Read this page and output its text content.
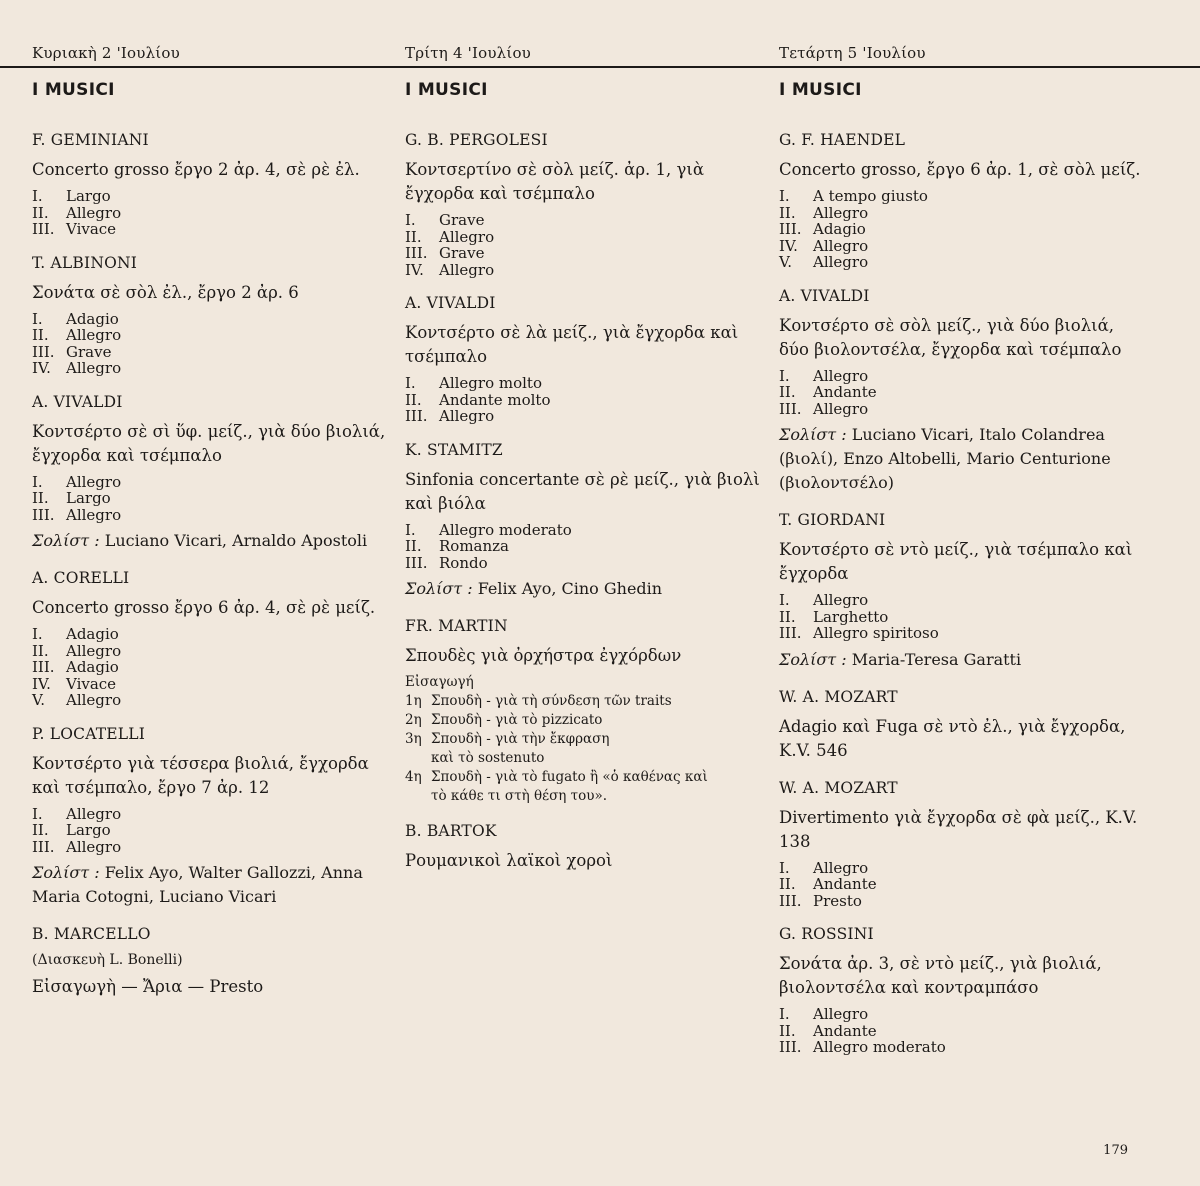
Κυριακὴ 2 'Ιουλίου	Τρίτη 4 'Ιουλίου	Τετάρτη 5 'Ιουλίου
I MUSICI
F. GEMINIANI
Concerto grosso ἔργο 2 ἀρ. 4, σὲ ρὲ ἐλ.
I.	Largo
II.	Allegro
III. Vivace
T. ALBINONI
Σονάτα σὲ σὸλ ἐλ., ἔργο 2 ἀρ. 6
I.	Adagio
II.	Allegro
III. Grave
IV.	Allegro
A. VIVALDI
Κοντσέρτο σὲ σὶ ὕφ. μείζ., γιὰ δύο βιολιά, ἔγχορδα καὶ τσέμπαλο
I.	Allegro
II.	Largo
III. Allegro
Σολίστ : Luciano Vicari, Arnaldo Apostoli
A. CORELLI
Concerto grosso ἔργο 6 ἀρ. 4, σὲ ρὲ μείζ.
I.	Adagio
II.	Allegro
III. Adagio
IV.	Vivace
V.	Allegro
P. LOCATELLI
Κοντσέρτο γιὰ τέσσερα βιολιά, ἔγχορδα καὶ τσέμπαλο, ἔργο 7 ἀρ. 12
I.	Allegro
II.	Largo
III. Allegro
Σολίστ : Felix Ayo, Walter Gallozzi, Anna Maria Cotogni, Luciano Vicari
B. MARCELLO
(Διασκευὴ L. Bonelli)
Εἰσαγωγὴ — Ἄρια — Presto
I MUSICI
G. B. PERGOLESI
Κοντσερτίνο σὲ σὸλ μείζ. ἀρ. 1, γιὰ ἔγχορδα καὶ τσέμπαλο
I.	Grave
II.	Allegro
III. Grave
IV.	Allegro
A. VIVALDI
Κοντσέρτο σὲ λὰ μείζ., γιὰ ἔγχορδα καὶ τσέμπαλο
I.	Allegro molto
II.	Andante molto
III. Allegro
K. STAMITZ
Sinfonia concertante σὲ ρὲ μείζ., γιὰ βιολὶ καὶ βιόλα
I.	Allegro moderato
II.	Romanza
III. Rondo
Σολίστ : Felix Ayo, Cino Ghedin
FR. MARTIN
Σπουδὲς γιὰ ὀρχήστρα ἐγχόρδων
Εἰσαγωγή
1η Σπουδὴ - γιὰ τὴ σύνδεση τῶν traits
2η Σπουδὴ - γιὰ τὸ pizzicato
3η Σπουδὴ - γιὰ τὴν ἔκφραση
καὶ τὸ sostenuto
4η Σπουδὴ - γιὰ τὸ fugato ἢ «ὁ καθένας καὶ
τὸ κάθε τι στὴ θέση του».
B. BARTOK
Ρουμανικοὶ λαϊκοὶ χοροὶ
I MUSICI
G. F. HAENDEL
Concerto grosso, ἔργο 6 ἀρ. 1, σὲ σὸλ μείζ.
I.	A tempo giusto
II.	Allegro
III. Adagio
IV.	Allegro
V.	Allegro
A. VIVALDI
Κοντσέρτο σὲ σὸλ μείζ., γιὰ δύο βιολιά, δύο βιολοντσέλα, ἔγχορδα καὶ τσέμπαλο
I.	Allegro
II.	Andante
III. Allegro
Σολίστ : Luciano Vicari, Italo Colandrea (βιολί), Enzo Altobelli, Mario Centurione (βιολοντσέλο)
T. GIORDANI
Κοντσέρτο σὲ ντὸ μείζ., γιὰ τσέμπαλο καὶ ἔγχορδα
I.	Allegro
II.	Larghetto
III. Allegro spiritoso
Σολίστ : Maria-Teresa Garatti
W. A. MOZART
Adagio καὶ Fuga σὲ ντὸ ἐλ., γιὰ ἔγχορδα, K.V. 546
W. A. MOZART
Divertimento γιὰ ἔγχορδα σὲ φὰ μείζ., K.V. 138
I.	Allegro
II.	Andante
III. Presto
G. ROSSINI
Σονάτα ἀρ. 3, σὲ ντὸ μείζ., γιὰ βιολιά, βιολοντσέλα καὶ κοντραμπάσο
I.	Allegro
II.	Andante
III. Allegro moderato
179
